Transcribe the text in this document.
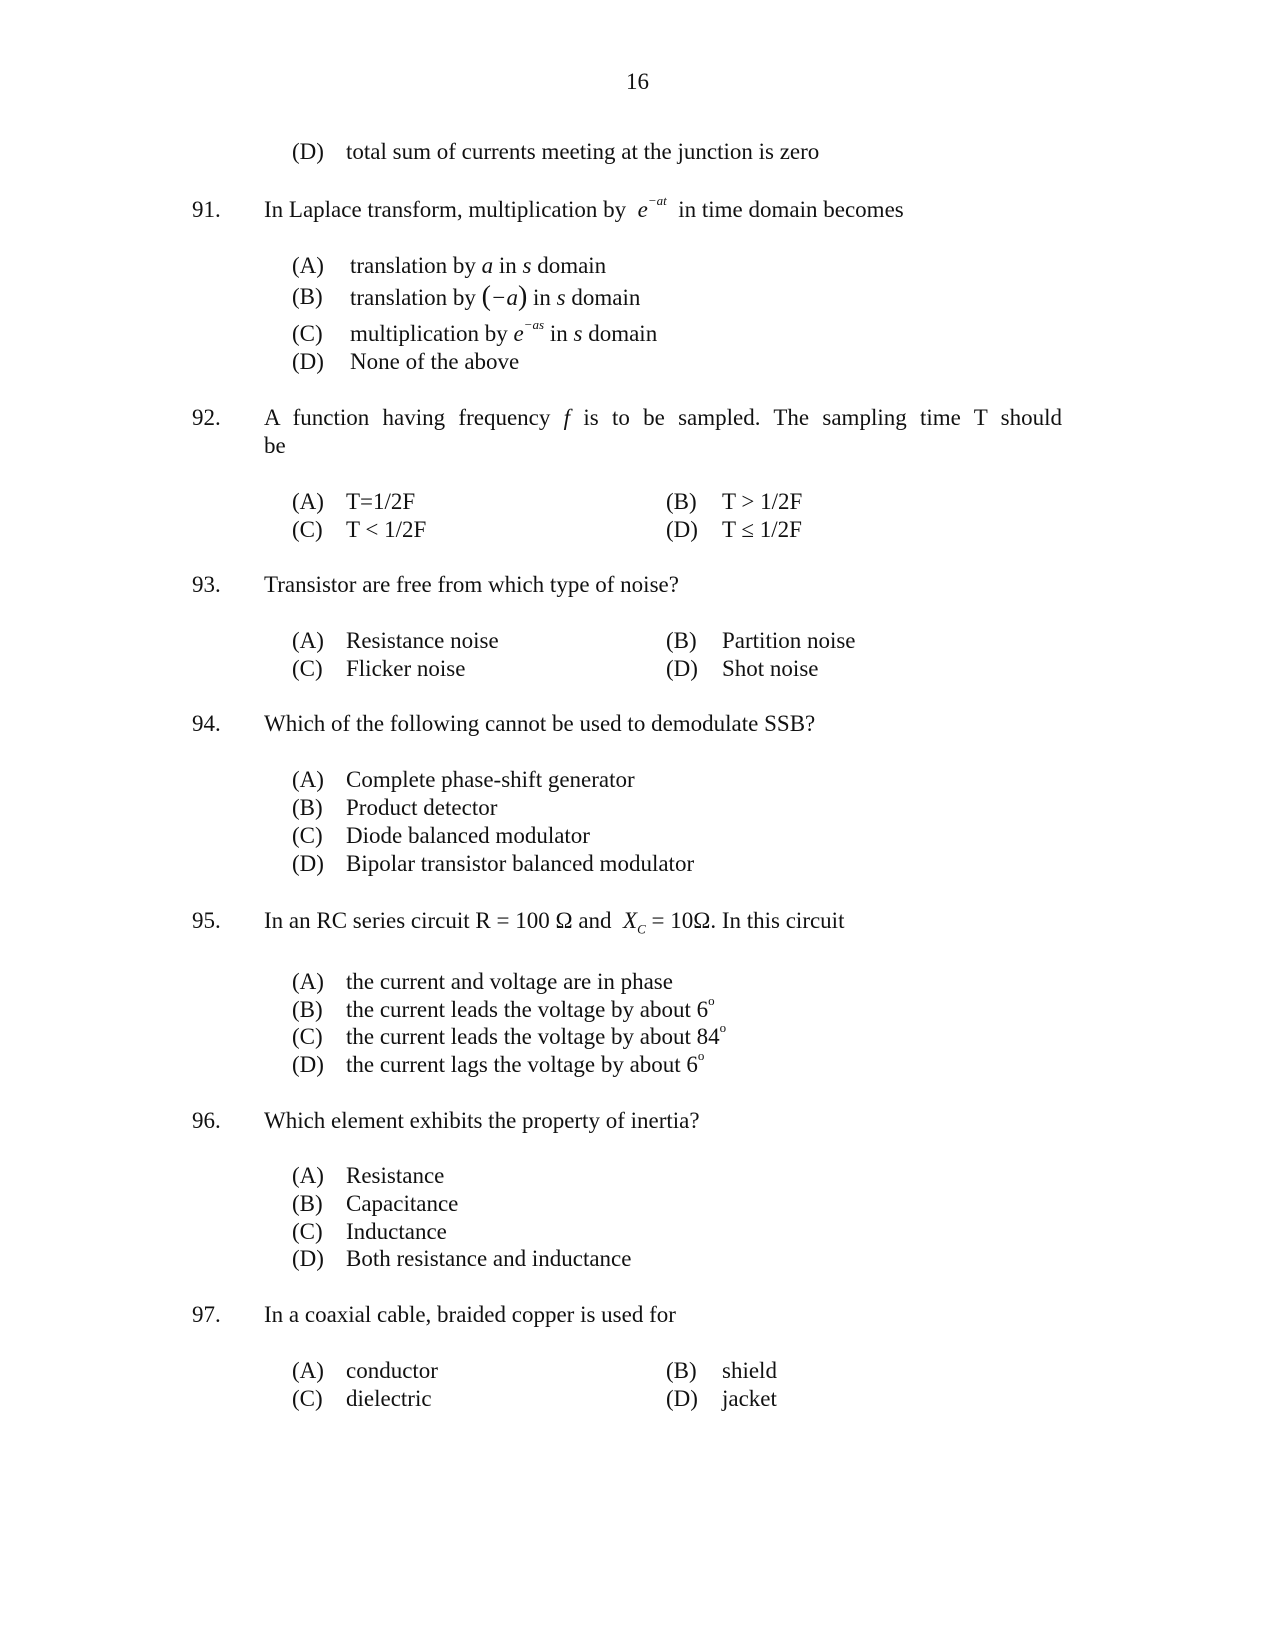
16
(D) total sum of currents meeting at the junction is zero
91. In Laplace transform, multiplication by $e^{-at}$ in time domain becomes
(A) translation by a in s domain
(B) translation by (−a) in s domain
(C) multiplication by $e^{-as}$ in s domain
(D) None of the above
92. A function having frequency f is to be sampled. The sampling time T should
be
(A) T=1/2F	(B) T > 1/2F
(C) T < 1/2F	(D) T ≤ 1/2F
93. Transistor are free from which type of noise?
(A) Resistance noise	(B) Partition noise
(C) Flicker noise	(D) Shot noise
94. Which of the following cannot be used to demodulate SSB?
(A) Complete phase-shift generator
(B) Product detector
(C) Diode balanced modulator
(D) Bipolar transistor balanced modulator
95. In an RC series circuit R = 100 Ω and $X_C = 10\Omega$. In this circuit
(A) the current and voltage are in phase
(B) the current leads the voltage by about 6$^o$
(C) the current leads the voltage by about 84$^o$
(D) the current lags the voltage by about 6$^o$
96. Which element exhibits the property of inertia?
(A) Resistance
(B) Capacitance
(C) Inductance
(D) Both resistance and inductance
97. In a coaxial cable, braided copper is used for
(A) conductor	(B) shield
(C) dielectric	(D) jacket
